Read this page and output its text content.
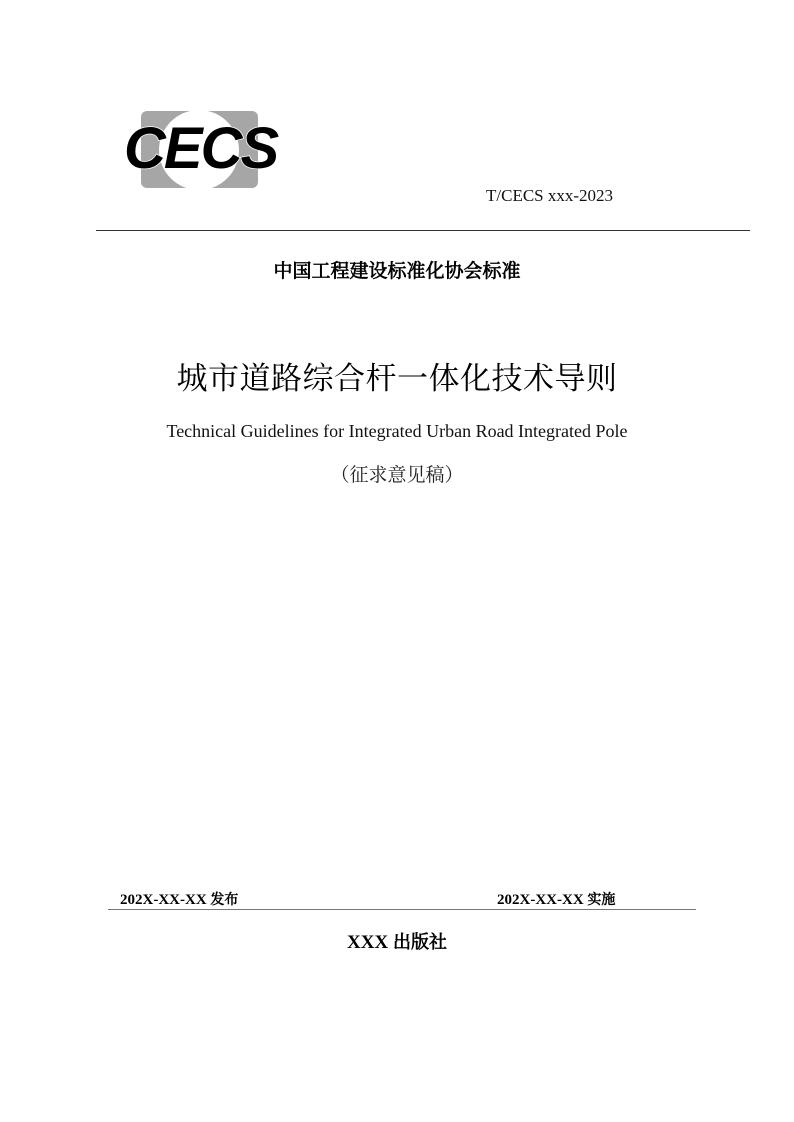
CECS
T/CECS xxx-2023
中国工程建设标准化协会标准
城市道路综合杆一体化技术导则
Technical Guidelines for Integrated Urban Road Integrated Pole
（征求意见稿）
202X-XX-XX 发布	202X-XX-XX 实施
XXX 出版社
